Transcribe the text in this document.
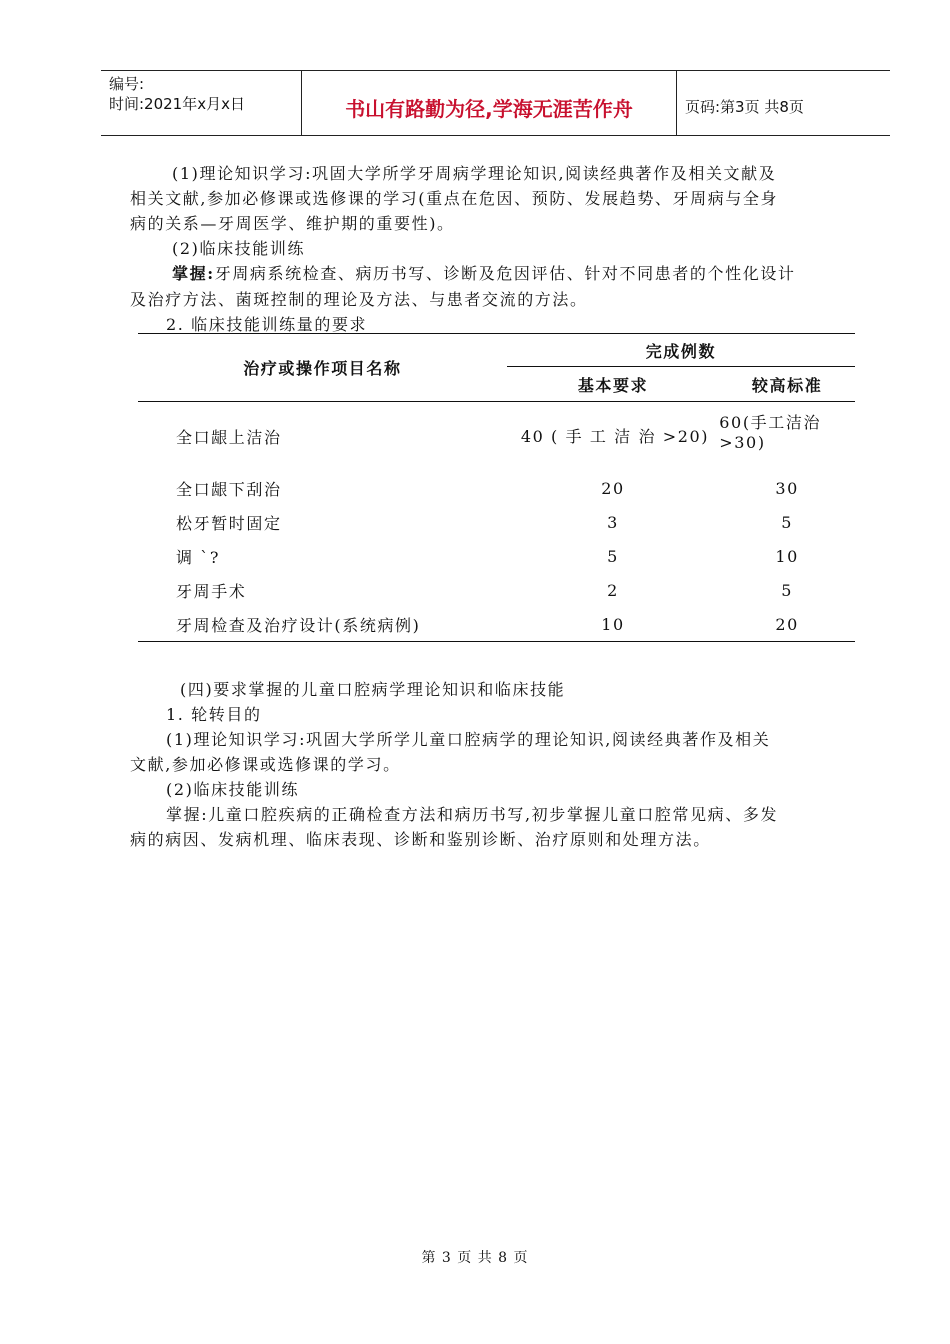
编号:
时间:2021年x月x日	书山有路勤为径,学海无涯苦作舟	页码:第3页 共8页
(1)理论知识学习:巩固大学所学牙周病学理论知识,阅读经典著作及相关文献及
相关文献,参加必修课或选修课的学习(重点在危因、预防、发展趋势、牙周病与全身
病的关系—牙周医学、维护期的重要性)。
(2)临床技能训练
掌握:牙周病系统检查、病历书写、诊断及危因评估、针对不同患者的个性化设计
及治疗方法、菌斑控制的理论及方法、与患者交流的方法。
2. 临床技能训练量的要求
治疗或操作项目名称	完成例数	
	基本要求	较高标准
全口龈上洁治	40 ( 手 工 洁 治 >20)	60(手工洁治>30)
全口龈下刮治	20	30
松牙暂时固定	3	5
调 `?	5	10
牙周手术	2	5
牙周检查及治疗设计(系统病例)	10	20
(四)要求掌握的儿童口腔病学理论知识和临床技能
1. 轮转目的
(1)理论知识学习:巩固大学所学儿童口腔病学的理论知识,阅读经典著作及相关
文献,参加必修课或选修课的学习。
(2)临床技能训练
掌握:儿童口腔疾病的正确检查方法和病历书写,初步掌握儿童口腔常见病、多发
病的病因、发病机理、临床表现、诊断和鉴别诊断、治疗原则和处理方法。
第 3 页 共 8 页
